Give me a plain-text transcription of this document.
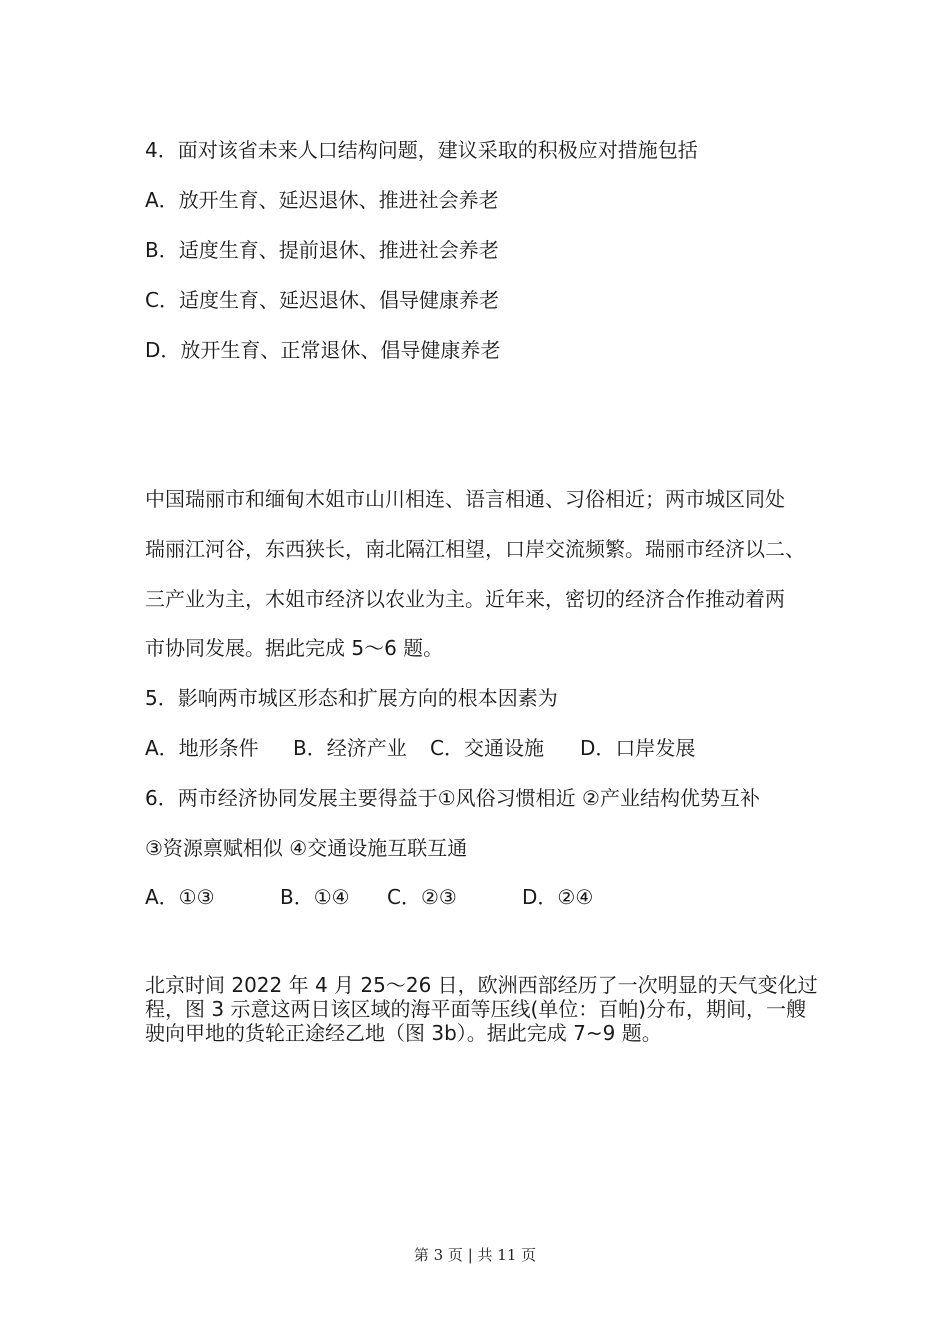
4．面对该省未来人口结构问题，建议采取的积极应对措施包括
A．放开生育、延迟退休、推进社会养老
B．适度生育、提前退休、推进社会养老
C．适度生育、延迟退休、倡导健康养老
D．放开生育、正常退休、倡导健康养老
中国瑞丽市和缅甸木姐市山川相连、语言相通、习俗相近；两市城区同处
瑞丽江河谷，东西狭长，南北隔江相望，口岸交流频繁。瑞丽市经济以二、
三产业为主，木姐市经济以农业为主。近年来，密切的经济合作推动着两
市协同发展。据此完成 5～6 题。
5．影响两市城区形态和扩展方向的根本因素为
A．地形条件 B．经济产业 C．交通设施 D．口岸发展
6．两市经济协同发展主要得益于①风俗习惯相近 ②产业结构优势互补
③资源禀赋相似 ④交通设施互联互通
A．①③	B．①④ C．②③	D．②④
北京时间 2022 年 4 月 25～26 日，欧洲西部经历了一次明显的天气变化过
程，图 3 示意这两日该区域的海平面等压线(单位：百帕)分布，期间，一艘
驶向甲地的货轮正途经乙地（图 3b）。据此完成 7~9 题。
第 3 页 | 共 11 页
